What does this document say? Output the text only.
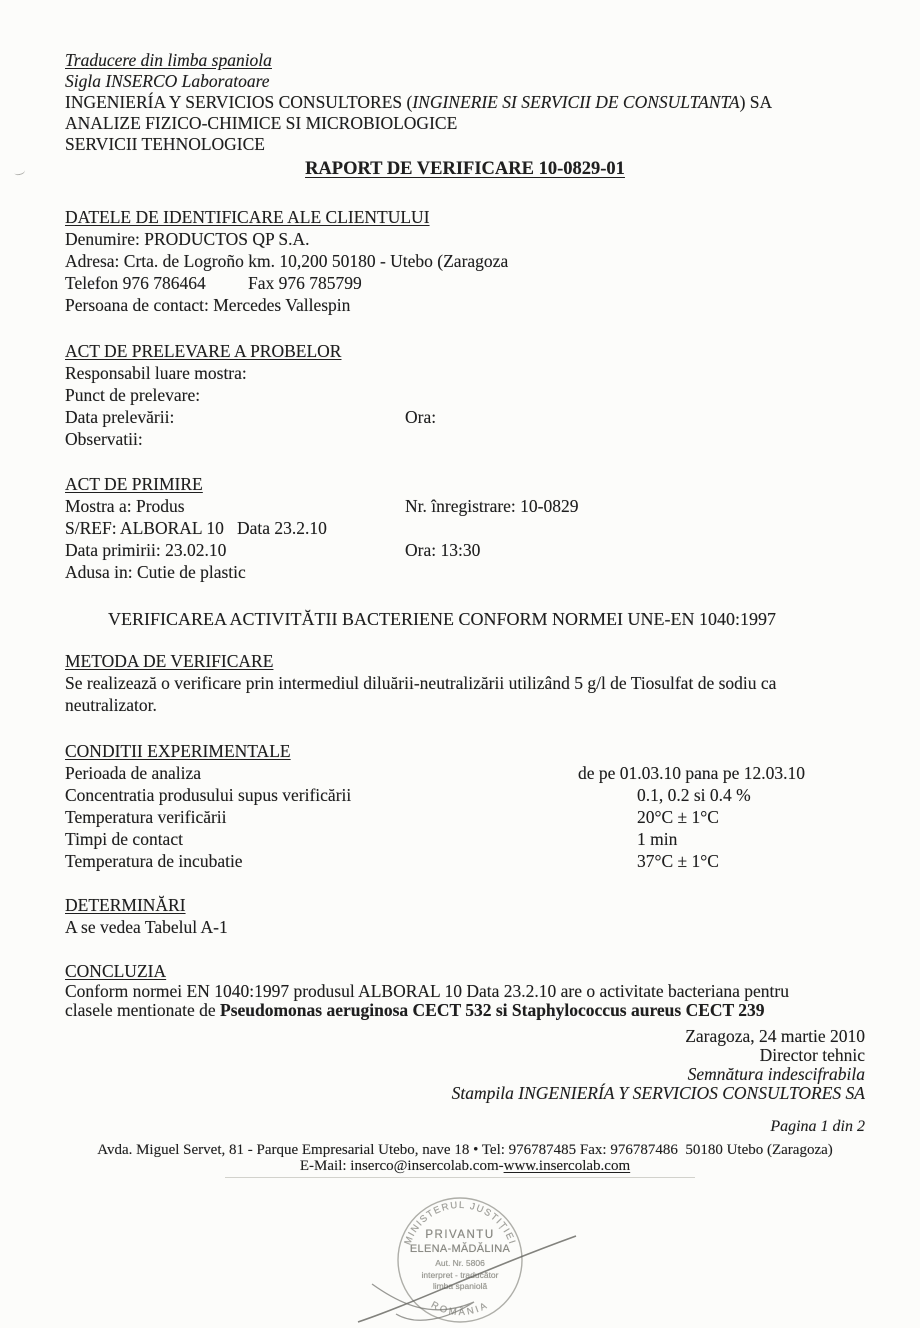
Traducere din limba spaniola
Sigla INSERCO Laboratoare
INGENIERÍA Y SERVICIOS CONSULTORES (INGINERIE SI SERVICII DE CONSULTANTA) SA
ANALIZE FIZICO-CHIMICE SI MICROBIOLOGICE
SERVICII TEHNOLOGICE
RAPORT DE VERIFICARE 10-0829-01
DATELE DE IDENTIFICARE ALE CLIENTULUI
Denumire: PRODUCTOS QP S.A.
Adresa: Crta. de Logroño km. 10,200 50180 - Utebo (Zaragoza
Telefon 976 786464 Fax 976 785799
Persoana de contact: Mercedes Vallespin
ACT DE PRELEVARE A PROBELOR
Responsabil luare mostra:
Punct de prelevare:
Data prelevării:	Ora:
Observatii:
ACT DE PRIMIRE
Mostra a: Produs	Nr. înregistrare: 10-0829
S/REF: ALBORAL 10   Data 23.2.10
Data primirii: 23.02.10	Ora: 13:30
Adusa in: Cutie de plastic
VERIFICAREA ACTIVITĂTII BACTERIENE CONFORM NORMEI UNE-EN 1040:1997
METODA DE VERIFICARE
Se realizează o verificare prin intermediul diluării-neutralizării utilizând 5 g/l de Tiosulfat de sodiu ca
neutralizator.
CONDITII EXPERIMENTALE
Perioada de analiza	de pe 01.03.10 pana pe 12.03.10
Concentratia produsului supus verificării	0.1, 0.2 si 0.4 %
Temperatura verificării	20°C ± 1°C
Timpi de contact	1 min
Temperatura de incubatie	37°C ± 1°C
DETERMINĂRI
A se vedea Tabelul A-1
CONCLUZIA
Conform normei EN 1040:1997 produsul ALBORAL 10 Data 23.2.10 are o activitate bacteriana pentru
clasele mentionate de Pseudomonas aeruginosa CECT 532 si Staphylococcus aureus CECT 239
Zaragoza, 24 martie 2010
Director tehnic
Semnătura indescifrabila
Stampila INGENIERÍA Y SERVICIOS CONSULTORES SA
Pagina 1 din 2
Avda. Miguel Servet, 81 - Parque Empresarial Utebo, nave 18 • Tel: 976787485 Fax: 976787486  50180 Utebo (Zaragoza)
E-Mail: inserco@insercolab.com-www.insercolab.com
MINISTERUL JUSTIȚIEI
ROMÂNIA
PRIVANTU
ELENA-MĂDĂLINA
Aut. Nr. 5806
interpret - traducător
limba spaniolă
